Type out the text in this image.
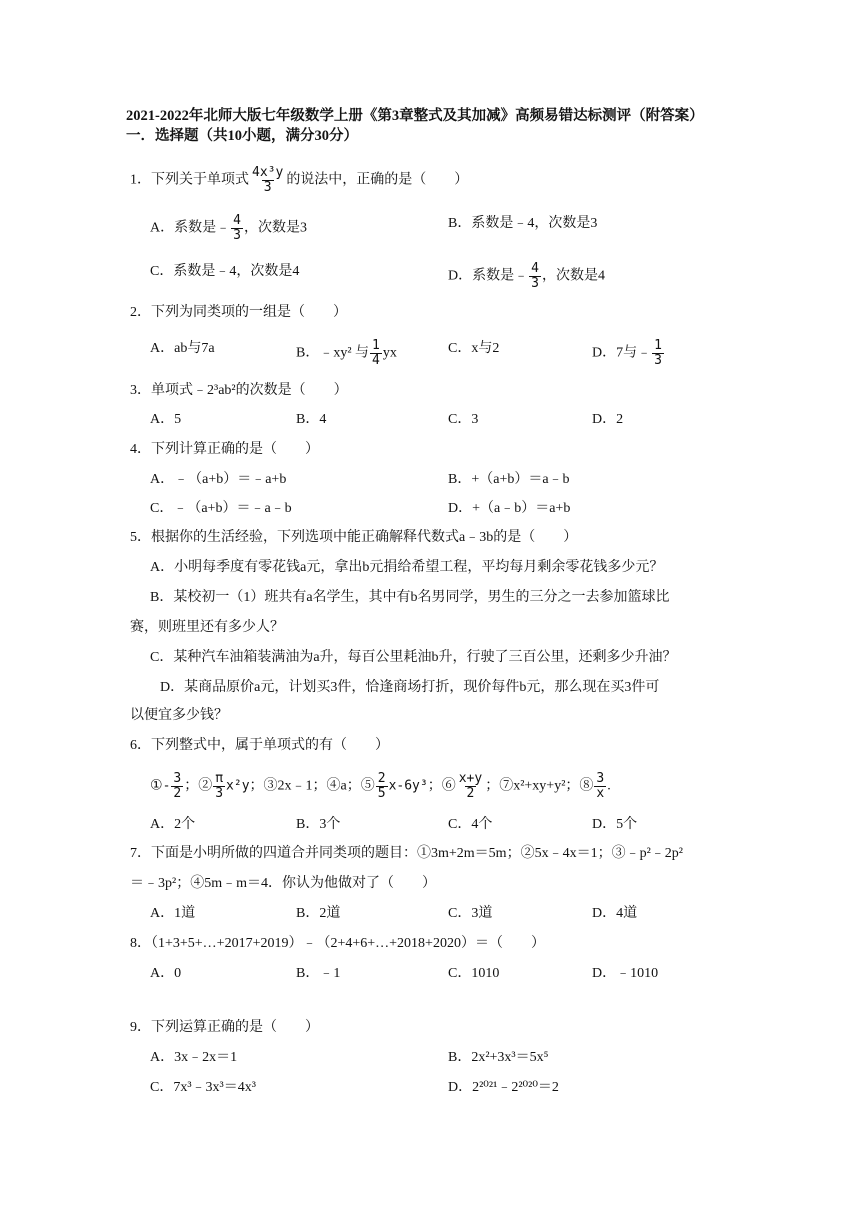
2021-2022年北师大版七年级数学上册《第3章整式及其加减》高频易错达标测评（附答案）
一．选择题（共10小题，满分30分）
1．下列关于单项式 $\frac{\text{4x³y}}{3}$ 的说法中，正确的是（　　）
A．系数是﹣ $\frac{4}{3}$ ，次数是3	B．系数是﹣4，次数是3
C．系数是﹣4，次数是4	D．系数是﹣ $\frac{4}{3}$ ，次数是4
2．下列为同类项的一组是（　　）
A．ab与7a	B．﹣xy² 与 $\frac{1}{4}$ yx	C．x与2	D．7与﹣ $\frac{1}{3}$
3．单项式﹣2³ab²的次数是（　　）
A．5	B．4	C．3	D．2
4．下列计算正确的是（　　）
A．﹣（a+b）＝﹣a+b	B．+（a+b）＝a﹣b
C．﹣（a+b）＝﹣a﹣b	D．+（a﹣b）＝a+b
5．根据你的生活经验，下列选项中能正确解释代数式a﹣3b的是（　　）
A．小明每季度有零花钱a元，拿出b元捐给希望工程，平均每月剩余零花钱多少元？
B．某校初一（1）班共有a名学生，其中有b名男同学，男生的三分之一去参加篮球比
赛，则班里还有多少人？
C．某种汽车油箱装满油为a升，每百公里耗油b升，行驶了三百公里，还剩多少升油？
D．某商品原价a元，计划买3件，恰逢商场打折，现价每件b元，那么现在买3件可
以便宜多少钱？
6．下列整式中，属于单项式的有（　　）
①- $\frac{3}{2}$ ；② $\frac{\pi}{3} x^2y$；③2x﹣1；④a；⑤ $\frac{2}{5} x-6y^3$；⑥ $\frac{x+y}{2}$ ；⑦x²+xy+y²；⑧ $\frac{3}{x}$ .
A．2个	B．3个	C．4个	D．5个
7．下面是小明所做的四道合并同类项的题目：①3m+2m＝5m；②5x﹣4x＝1；③﹣p²﹣2p²
＝﹣3p²；④5m﹣m＝4．你认为他做对了（　　）
A．1道	B．2道	C．3道	D．4道
8．（1+3+5+…+2017+2019）﹣（2+4+6+…+2018+2020）＝（　　）
A．0	B．﹣1	C．1010	D．﹣1010
9．下列运算正确的是（　　）
A．3x﹣2x＝1	B．2x²+3x³＝5x⁵
C．7x³﹣3x³＝4x³	D．2²⁰²¹﹣2²⁰²⁰＝2
